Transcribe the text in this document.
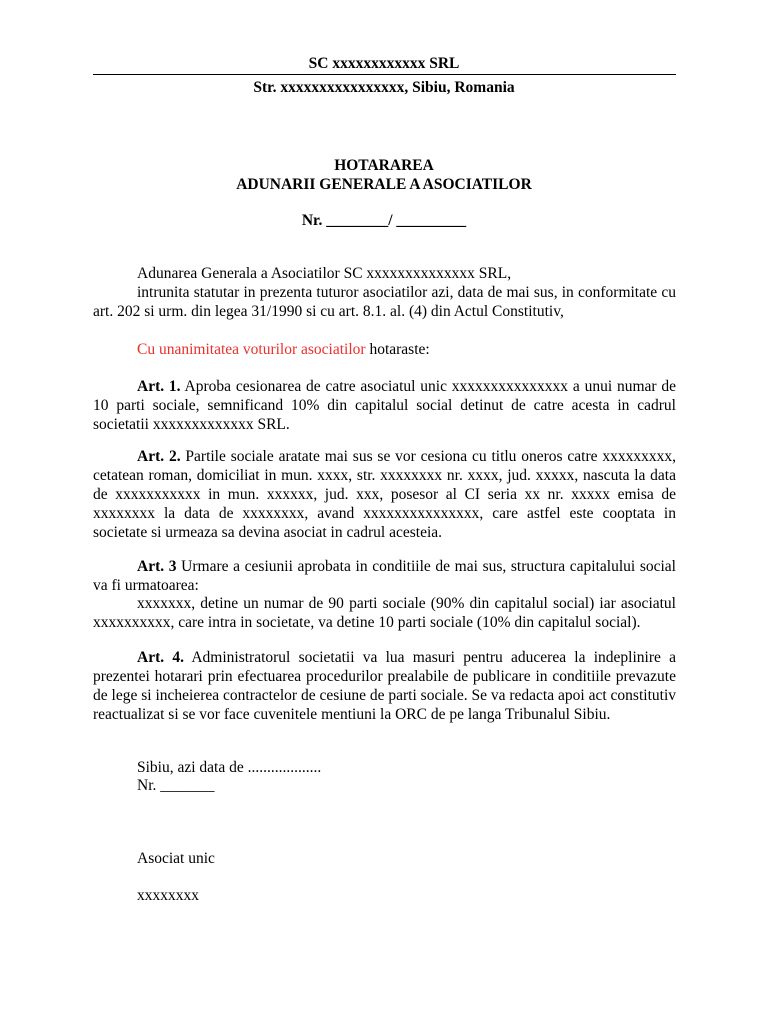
SC xxxxxxxxxxxx SRL
Str. xxxxxxxxxxxxxxxx, Sibiu, Romania
HOTARAREA
ADUNARII GENERALE A ASOCIATILOR
Nr. ________/ _________

Adunarea Generala a Asociatilor SC xxxxxxxxxxxxxx SRL,

intrunita statutar in prezenta tuturor asociatilor azi, data de mai sus, in conformitate cu art. 202 si urm. din legea 31/1990 si cu art. 8.1. al. (4) din Actul Constitutiv,

Cu unanimitatea voturilor asociatilor hotaraste:

Art. 1. Aproba cesionarea de catre asociatul unic xxxxxxxxxxxxxxx a unui numar de 10 parti sociale, semnificand 10% din capitalul social detinut de catre acesta in cadrul societatii xxxxxxxxxxxxx SRL.

Art. 2. Partile sociale aratate mai sus se vor cesiona cu titlu oneros catre xxxxxxxxx, cetatean roman, domiciliat in mun. xxxx, str. xxxxxxxx nr. xxxx, jud. xxxxx, nascuta la data de xxxxxxxxxxx in mun. xxxxxx, jud. xxx, posesor al CI seria xx nr. xxxxx emisa de xxxxxxxx la data de xxxxxxxx, avand xxxxxxxxxxxxxxx, care astfel este cooptata in societate si urmeaza sa devina asociat in cadrul acesteia.

Art. 3 Urmare a cesiunii aprobata in conditiile de mai sus, structura capitalului social va fi urmatoarea:

xxxxxxx, detine un numar de 90 parti sociale (90% din capitalul social) iar asociatul xxxxxxxxxx, care intra in societate, va detine 10 parti sociale (10% din capitalul social).

Art. 4. Administratorul societatii va lua masuri pentru aducerea la indeplinire a prezentei hotarari prin efectuarea procedurilor prealabile de publicare in conditiile prevazute de lege si incheierea contractelor de cesiune de parti sociale. Se va redacta apoi act constitutiv reactualizat si se vor face cuvenitele mentiuni la ORC de pe langa Tribunalul Sibiu.

Sibiu, azi data de ...................

Nr. _______

Asociat unic

xxxxxxxx
